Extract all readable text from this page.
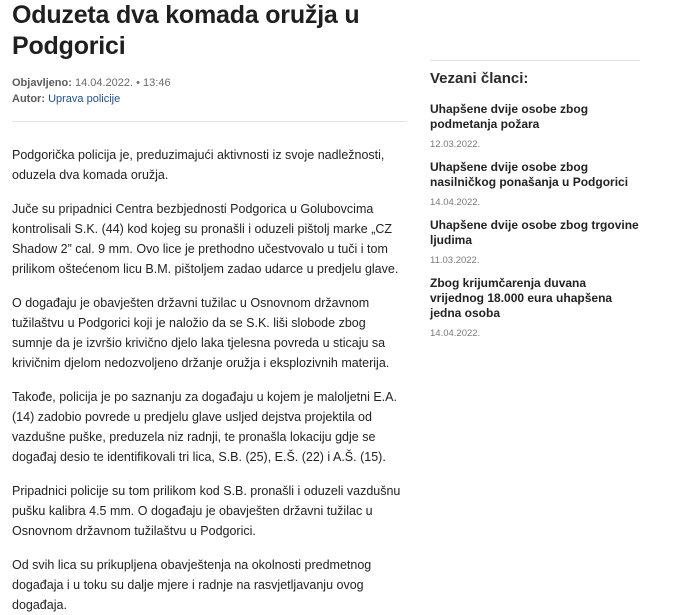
Oduzeta dva komada oružja u Podgorici
Objavljeno: 14.04.2022. • 13:46
Autor: Uprava policije

Podgorička policija je, preduzimajući aktivnosti iz svoje nadležnosti, oduzela dva komada oružja.

Juče su pripadnici Centra bezbjednosti Podgorica u Golubovcima kontrolisali S.K. (44) kod kojeg su pronašli i oduzeli pištolj marke „CZ Shadow 2” cal. 9 mm. Ovo lice je prethodno učestvovalo u tuči i tom prilikom oštećenom licu B.M. pištoljem zadao udarce u predjelu glave.

O događaju je obavješten državni tužilac u Osnovnom državnom tužilaštvu u Podgorici koji je naložio da se S.K. liši slobode zbog sumnje da je izvršio krivično djelo laka tjelesna povreda u sticaju sa krivičnim djelom nedozvoljeno držanje oružja i eksplozivnih materija.

Takođe, policija je po saznanju za događaju u kojem je maloljetni E.A. (14) zadobio povrede u predjelu glave usljed dejstva projektila od vazdušne puške, preduzela niz radnji, te pronašla lokaciju gdje se događaj desio te identifikovali tri lica, S.B. (25), E.Š. (22) i A.Š. (15).

Pripadnici policije su tom prilikom kod S.B. pronašli i oduzeli vazdušnu pušku kalibra 4.5 mm. O događaju je obavješten državni tužilac u Osnovnom državnom tužilaštvu u Podgorici.

Od svih lica su prikupljena obavještenja na okolnosti predmetnog događaja i u toku su dalje mjere i radnje na rasvjetljavanju ovog događaja.

Vezani članci:
Uhapšene dvije osobe zbog podmetanja požara
12.03.2022.
Uhapšene dvije osobe zbog nasilničkog ponašanja u Podgorici
14.04.2022.
Uhapšene dvije osobe zbog trgovine ljudima
11.03.2022.
Zbog krijumčarenja duvana vrijednog 18.000 eura uhapšena jedna osoba
14.04.2022.
